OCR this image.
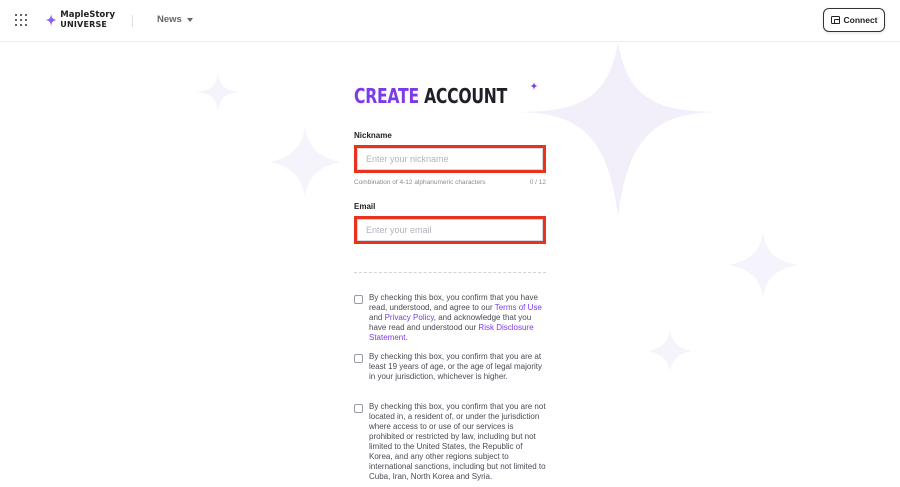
MapleStory
UNIVERSE	News	Connect
CREATE ACCOUNT
Nickname
Enter your nickname
Combination of 4-12 alphanumeric characters	0 / 12
Email
Enter your email
By checking this box, you confirm that you have read, understood, and agree to our Terms of Use and Privacy Policy, and acknowledge that you have read and understood our Risk Disclosure Statement.
By checking this box, you confirm that you are at least 19 years of age, or the age of legal majority in your jurisdiction, whichever is higher.
By checking this box, you confirm that you are not located in, a resident of, or under the jurisdiction where access to or use of our services is prohibited or restricted by law, including but not limited to the United States, the Republic of Korea, and any other regions subject to international sanctions, including but not limited to Cuba, Iran, North Korea and Syria.
